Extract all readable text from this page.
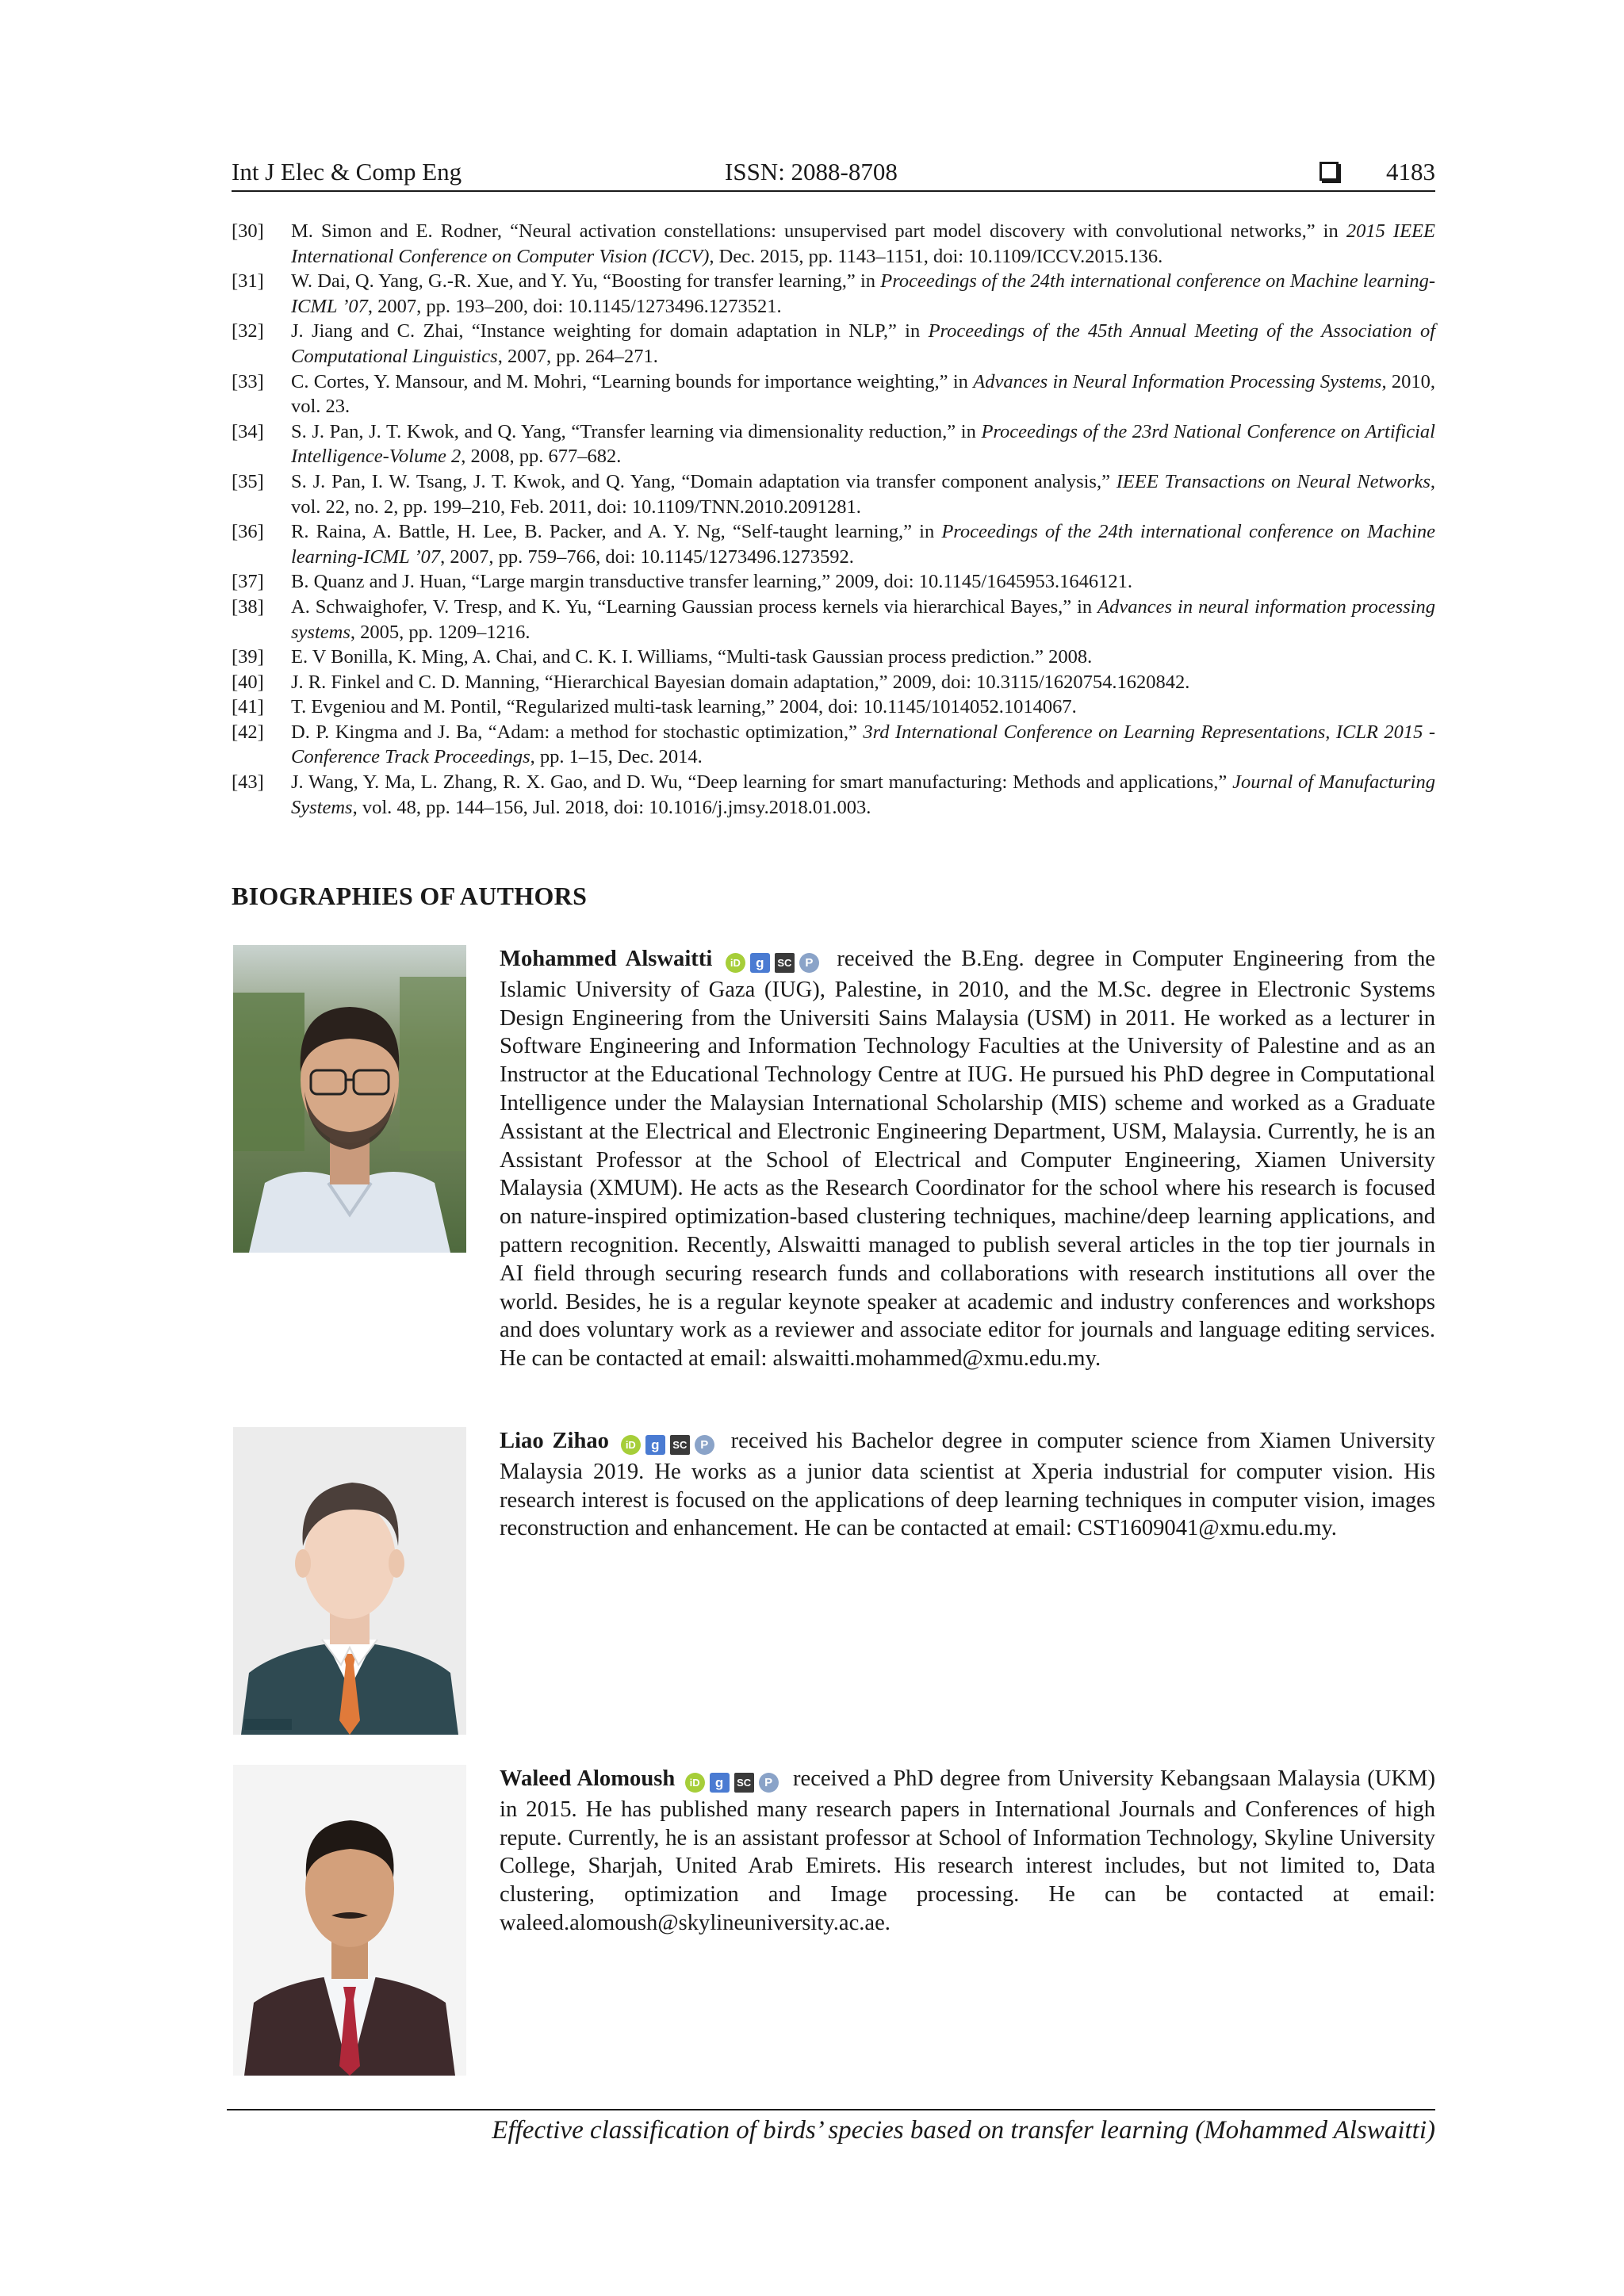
Int J Elec & Comp Eng	ISSN: 2088-8708	4183
[30]	M. Simon and E. Rodner, “Neural activation constellations: unsupervised part model discovery with convolutional networks,” in 2015 IEEE International Conference on Computer Vision (ICCV), Dec. 2015, pp. 1143–1151, doi: 10.1109/ICCV.2015.136.
[31]	W. Dai, Q. Yang, G.-R. Xue, and Y. Yu, “Boosting for transfer learning,” in Proceedings of the 24th international conference on Machine learning-ICML ’07, 2007, pp. 193–200, doi: 10.1145/1273496.1273521.
[32]	J. Jiang and C. Zhai, “Instance weighting for domain adaptation in NLP,” in Proceedings of the 45th Annual Meeting of the Association of Computational Linguistics, 2007, pp. 264–271.
[33]	C. Cortes, Y. Mansour, and M. Mohri, “Learning bounds for importance weighting,” in Advances in Neural Information Processing Systems, 2010, vol. 23.
[34]	S. J. Pan, J. T. Kwok, and Q. Yang, “Transfer learning via dimensionality reduction,” in Proceedings of the 23rd National Conference on Artificial Intelligence-Volume 2, 2008, pp. 677–682.
[35]	S. J. Pan, I. W. Tsang, J. T. Kwok, and Q. Yang, “Domain adaptation via transfer component analysis,” IEEE Transactions on Neural Networks, vol. 22, no. 2, pp. 199–210, Feb. 2011, doi: 10.1109/TNN.2010.2091281.
[36]	R. Raina, A. Battle, H. Lee, B. Packer, and A. Y. Ng, “Self-taught learning,” in Proceedings of the 24th international conference on Machine learning-ICML ’07, 2007, pp. 759–766, doi: 10.1145/1273496.1273592.
[37]	B. Quanz and J. Huan, “Large margin transductive transfer learning,” 2009, doi: 10.1145/1645953.1646121.
[38]	A. Schwaighofer, V. Tresp, and K. Yu, “Learning Gaussian process kernels via hierarchical Bayes,” in Advances in neural information processing systems, 2005, pp. 1209–1216.
[39]	E. V Bonilla, K. Ming, A. Chai, and C. K. I. Williams, “Multi-task Gaussian process prediction.” 2008.
[40]	J. R. Finkel and C. D. Manning, “Hierarchical Bayesian domain adaptation,” 2009, doi: 10.3115/1620754.1620842.
[41]	T. Evgeniou and M. Pontil, “Regularized multi-task learning,” 2004, doi: 10.1145/1014052.1014067.
[42]	D. P. Kingma and J. Ba, “Adam: a method for stochastic optimization,” 3rd International Conference on Learning Representations, ICLR 2015 - Conference Track Proceedings, pp. 1–15, Dec. 2014.
[43]	J. Wang, Y. Ma, L. Zhang, R. X. Gao, and D. Wu, “Deep learning for smart manufacturing: Methods and applications,” Journal of Manufacturing Systems, vol. 48, pp. 144–156, Jul. 2018, doi: 10.1016/j.jmsy.2018.01.003.
BIOGRAPHIES OF AUTHORS
Mohammed Alswaitti iD g SC P received the B.Eng. degree in Computer Engineering from the Islamic University of Gaza (IUG), Palestine, in 2010, and the M.Sc. degree in Electronic Systems Design Engineering from the Universiti Sains Malaysia (USM) in 2011. He worked as a lecturer in Software Engineering and Information Technology Faculties at the University of Palestine and as an Instructor at the Educational Technology Centre at IUG. He pursued his PhD degree in Computational Intelligence under the Malaysian International Scholarship (MIS) scheme and worked as a Graduate Assistant at the Electrical and Electronic Engineering Department, USM, Malaysia. Currently, he is an Assistant Professor at the School of Electrical and Computer Engineering, Xiamen University Malaysia (XMUM). He acts as the Research Coordinator for the school where his research is focused on nature-inspired optimization-based clustering techniques, machine/deep learning applications, and pattern recognition. Recently, Alswaitti managed to publish several articles in the top tier journals in AI field through securing research funds and collaborations with research institutions all over the world. Besides, he is a regular keynote speaker at academic and industry conferences and workshops and does voluntary work as a reviewer and associate editor for journals and language editing services. He can be contacted at email: alswaitti.mohammed@xmu.edu.my.
Liao Zihao iD g SC P received his Bachelor degree in computer science from Xiamen University Malaysia 2019. He works as a junior data scientist at Xperia industrial for computer vision. His research interest is focused on the applications of deep learning techniques in computer vision, images reconstruction and enhancement. He can be contacted at email: CST1609041@xmu.edu.my.
Waleed Alomoush iD g SC P received a PhD degree from University Kebangsaan Malaysia (UKM) in 2015. He has published many research papers in International Journals and Conferences of high repute. Currently, he is an assistant professor at School of Information Technology, Skyline University College, Sharjah, United Arab Emirets. His research interest includes, but not limited to, Data clustering, optimization and Image processing. He can be contacted at email: waleed.alomoush@skylineuniversity.ac.ae.
Effective classification of birds’ species based on transfer learning (Mohammed Alswaitti)
